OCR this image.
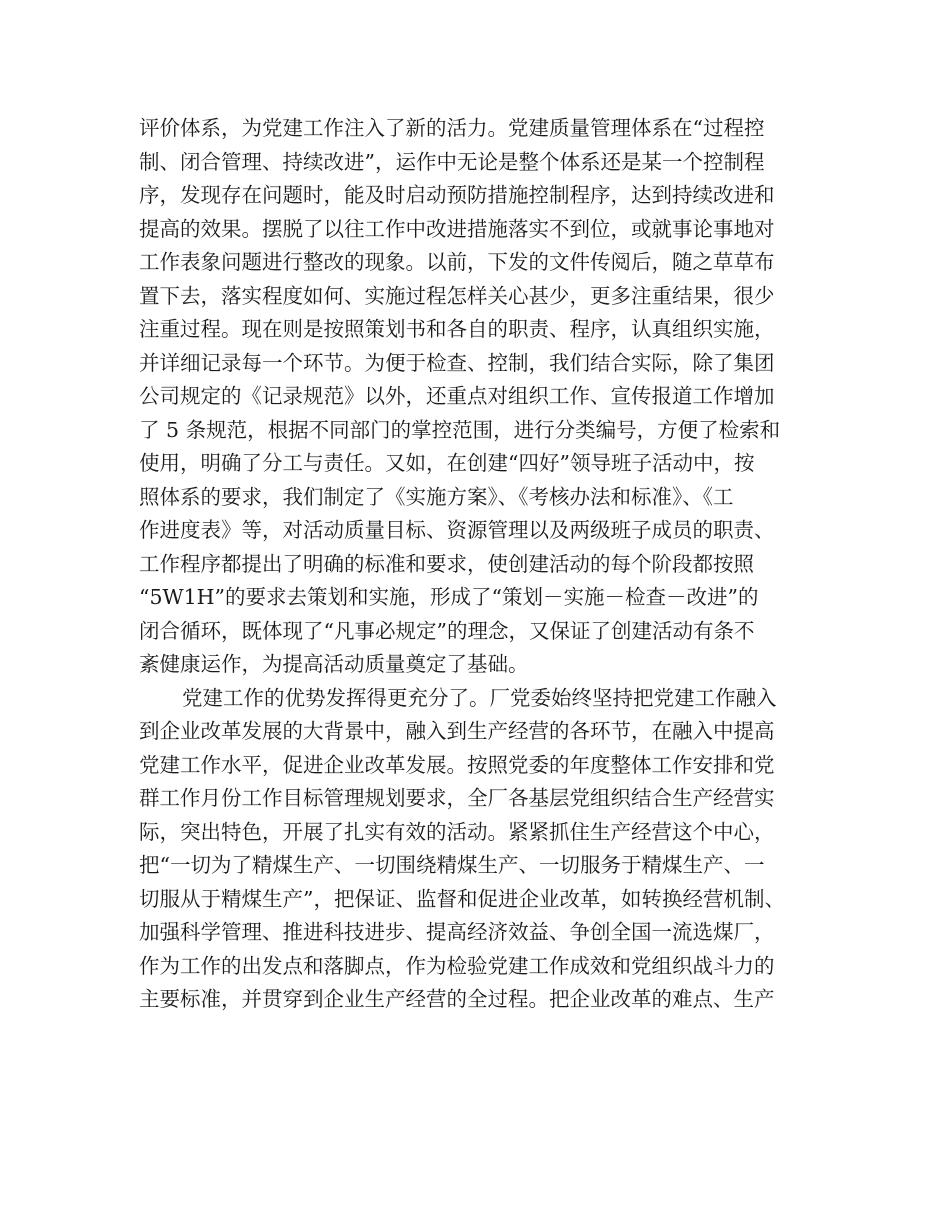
评价体系，为党建工作注入了新的活力。党建质量管理体系在“过程控
制、闭合管理、持续改进”，运作中无论是整个体系还是某一个控制程
序，发现存在问题时，能及时启动预防措施控制程序，达到持续改进和
提高的效果。摆脱了以往工作中改进措施落实不到位，或就事论事地对
工作表象问题进行整改的现象。以前，下发的文件传阅后，随之草草布
置下去，落实程度如何、实施过程怎样关心甚少，更多注重结果，很少
注重过程。现在则是按照策划书和各自的职责、程序，认真组织实施，
并详细记录每一个环节。为便于检查、控制，我们结合实际，除了集团
公司规定的《记录规范》以外，还重点对组织工作、宣传报道工作增加
了 5 条规范，根据不同部门的掌控范围，进行分类编号，方便了检索和
使用，明确了分工与责任。又如，在创建“四好”领导班子活动中，按
照体系的要求，我们制定了《实施方案》、《考核办法和标准》、《工
作进度表》等，对活动质量目标、资源管理以及两级班子成员的职责、
工作程序都提出了明确的标准和要求，使创建活动的每个阶段都按照
“5W1H”的要求去策划和实施，形成了“策划－实施－检查－改进”的
闭合循环，既体现了“凡事必规定”的理念，又保证了创建活动有条不
紊健康运作，为提高活动质量奠定了基础。
党建工作的优势发挥得更充分了。厂党委始终坚持把党建工作融入
到企业改革发展的大背景中，融入到生产经营的各环节，在融入中提高
党建工作水平，促进企业改革发展。按照党委的年度整体工作安排和党
群工作月份工作目标管理规划要求，全厂各基层党组织结合生产经营实
际，突出特色，开展了扎实有效的活动。紧紧抓住生产经营这个中心，
把“一切为了精煤生产、一切围绕精煤生产、一切服务于精煤生产、一
切服从于精煤生产”，把保证、监督和促进企业改革，如转换经营机制、
加强科学管理、推进科技进步、提高经济效益、争创全国一流选煤厂，
作为工作的出发点和落脚点，作为检验党建工作成效和党组织战斗力的
主要标准，并贯穿到企业生产经营的全过程。把企业改革的难点、生产
